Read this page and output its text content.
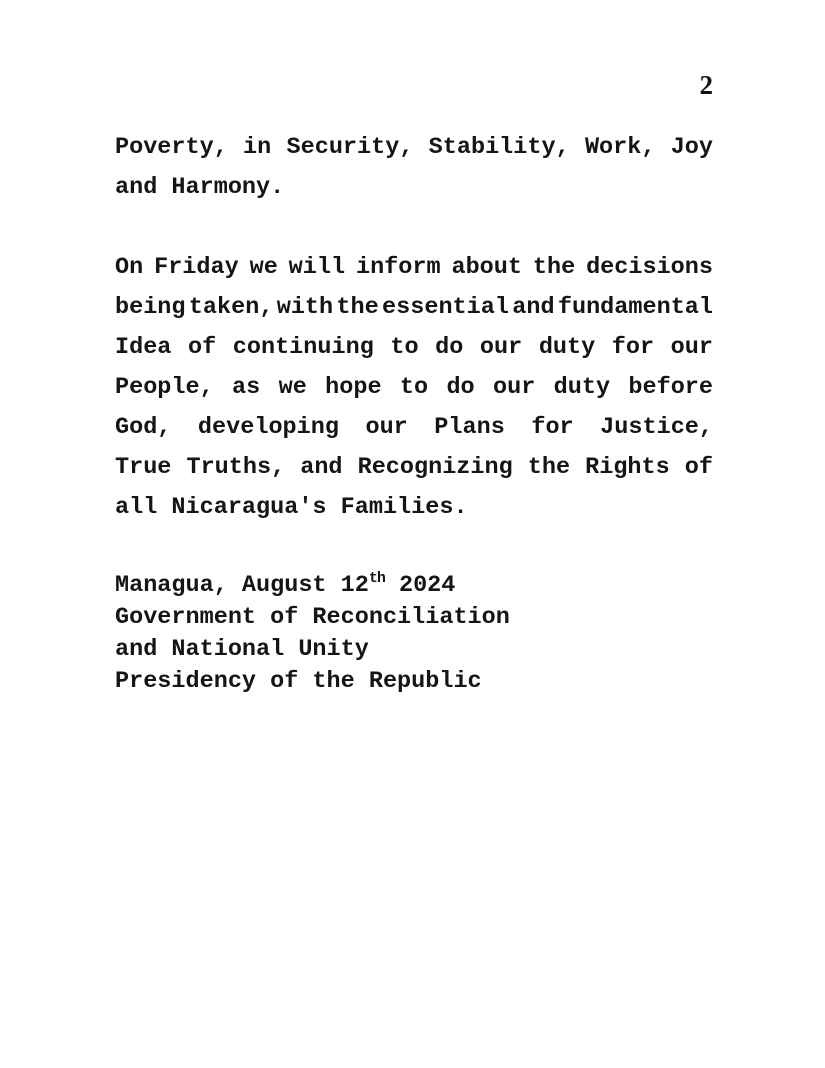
2
Poverty, in Security, Stability, Work, Joy
and Harmony.
On Friday we will inform about the decisions
being taken, with the essential and fundamental
Idea of continuing to do our duty for our
People, as we hope to do our duty before
God, developing our Plans for Justice,
True Truths, and Recognizing the Rights of
all Nicaragua's Families.
Managua, August 12th 2024
Government of Reconciliation
and National Unity
Presidency of the Republic
